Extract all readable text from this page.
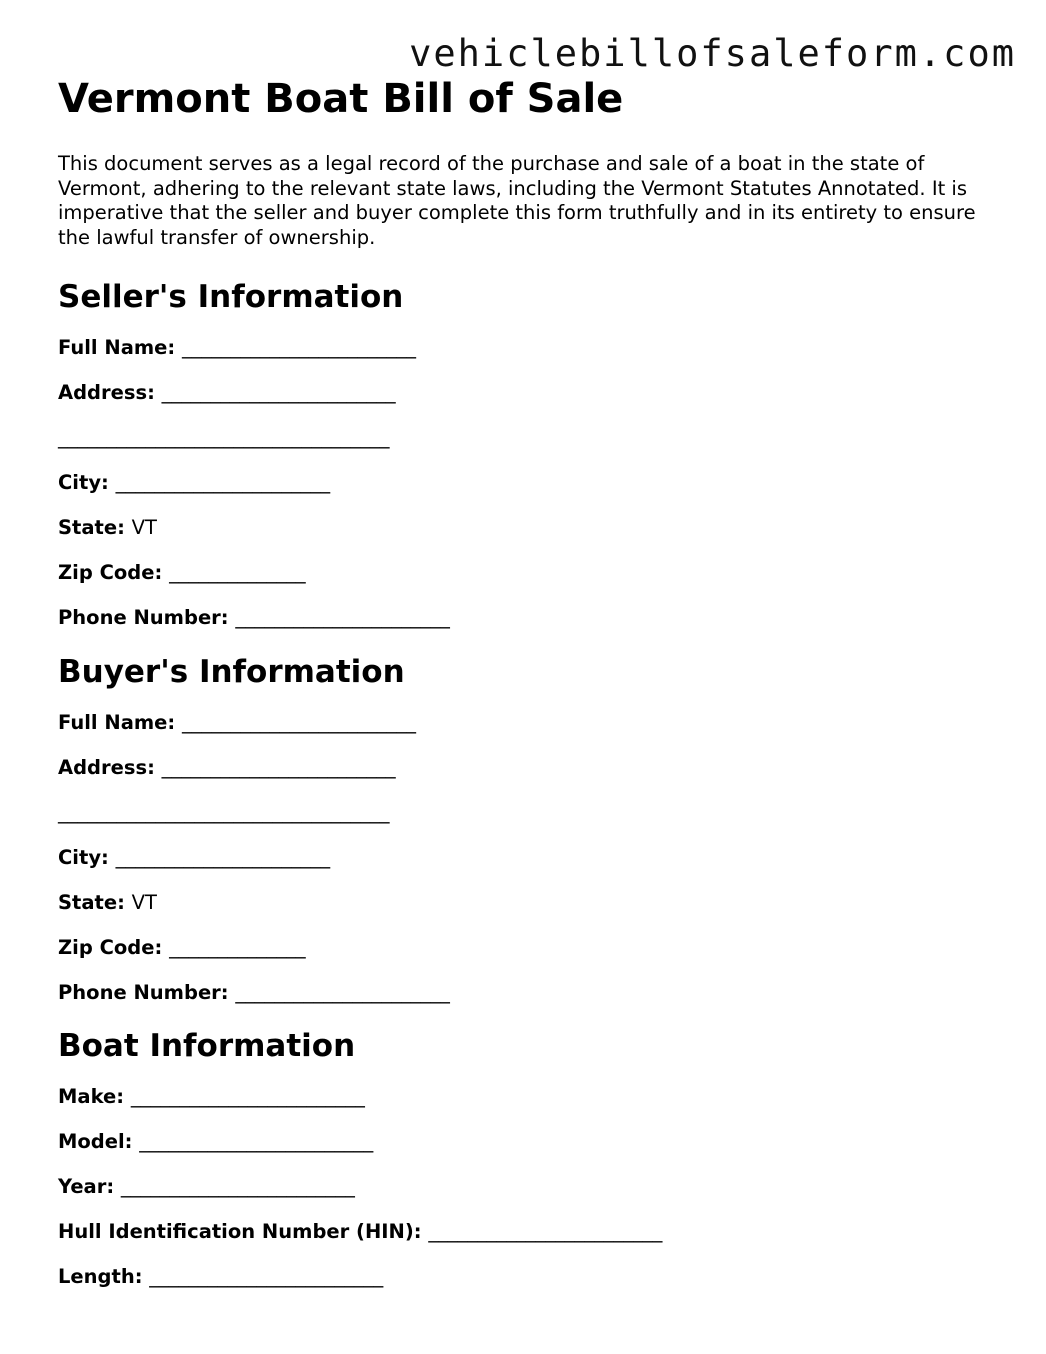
vehiclebillofsaleform.com
Vermont Boat Bill of Sale

This document serves as a legal record of the purchase and sale of a boat in the state of Vermont, adhering to the relevant state laws, including the Vermont Statutes Annotated. It is imperative that the seller and buyer complete this form truthfully and in its entirety to ensure the lawful transfer of ownership.

Seller's Information
Full Name: ________________________
Address: ________________________
__________________________________
City: ______________________
State: VT
Zip Code: ______________
Phone Number: ______________________
Buyer's Information
Full Name: ________________________
Address: ________________________
__________________________________
City: ______________________
State: VT
Zip Code: ______________
Phone Number: ______________________
Boat Information
Make: ________________________
Model: ________________________
Year: ________________________
Hull Identification Number (HIN): ________________________
Length: ________________________
